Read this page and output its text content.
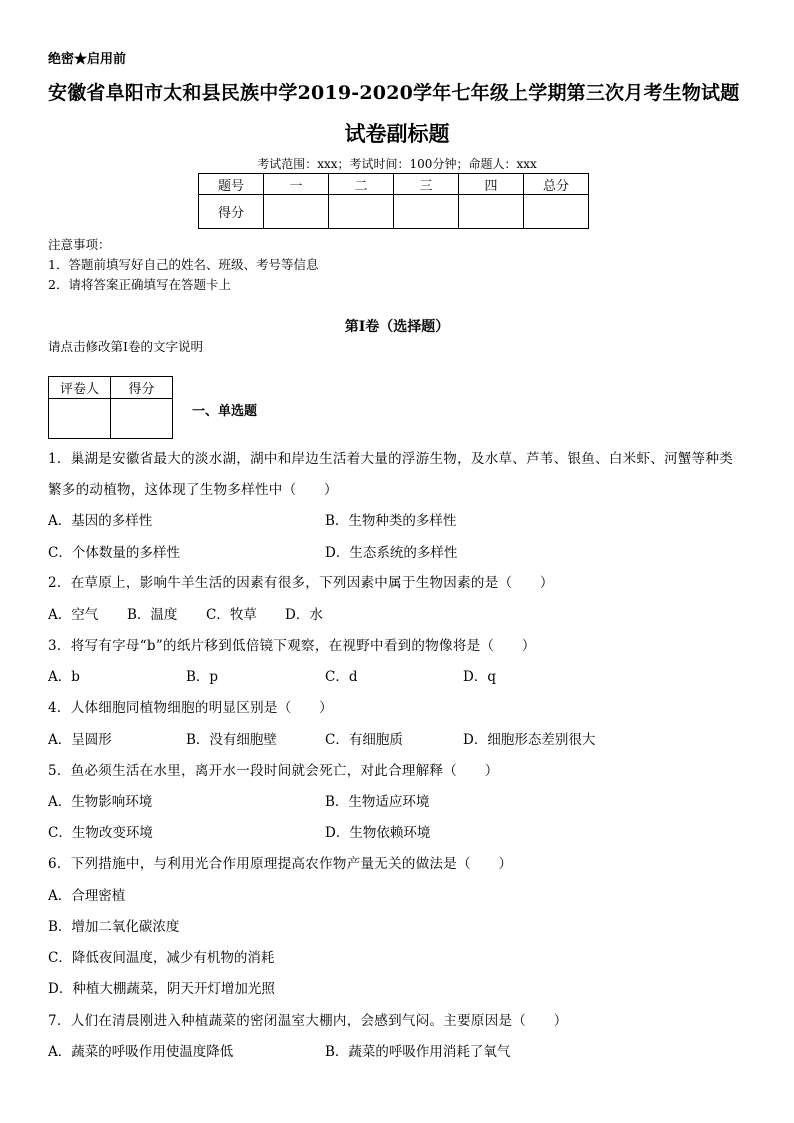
绝密★启用前
安徽省阜阳市太和县民族中学2019-2020学年七年级上学期第三次月考生物试题
试卷副标题
考试范围：xxx；考试时间：100分钟；命题人：xxx
题号	一	二	三	四	总分
得分					
注意事项：
1．答题前填写好自己的姓名、班级、考号等信息
2．请将答案正确填写在答题卡上
第I卷（选择题）
请点击修改第I卷的文字说明
评卷人	得分

一、单选题
1．巢湖是安徽省最大的淡水湖，湖中和岸边生活着大量的浮游生物，及水草、芦苇、银鱼、白米虾、河蟹等种类
繁多的动植物，这体现了生物多样性中（　　）
A．基因的多样性	B．生物种类的多样性
C．个体数量的多样性	D．生态系统的多样性
2．在草原上，影响牛羊生活的因素有很多，下列因素中属于生物因素的是（　　）
A．空气 B．温度 C．牧草 D．水
3．将写有字母“b”的纸片移到低倍镜下观察，在视野中看到的物像将是（　　）
A．b	B．p	C．d	D．q
4．人体细胞同植物细胞的明显区别是（　　）
A．呈圆形	B．没有细胞壁	C．有细胞质	D．细胞形态差别很大
5．鱼必须生活在水里，离开水一段时间就会死亡，对此合理解释（　　）
A．生物影响环境	B．生物适应环境
C．生物改变环境	D．生物依赖环境
6．下列措施中，与利用光合作用原理提高农作物产量无关的做法是（　　）
A．合理密植
B．增加二氧化碳浓度
C．降低夜间温度，减少有机物的消耗
D．种植大棚蔬菜，阴天开灯增加光照
7．人们在清晨刚进入种植蔬菜的密闭温室大棚内，会感到气闷。主要原因是（　　）
A．蔬菜的呼吸作用使温度降低	B．蔬菜的呼吸作用消耗了氧气
